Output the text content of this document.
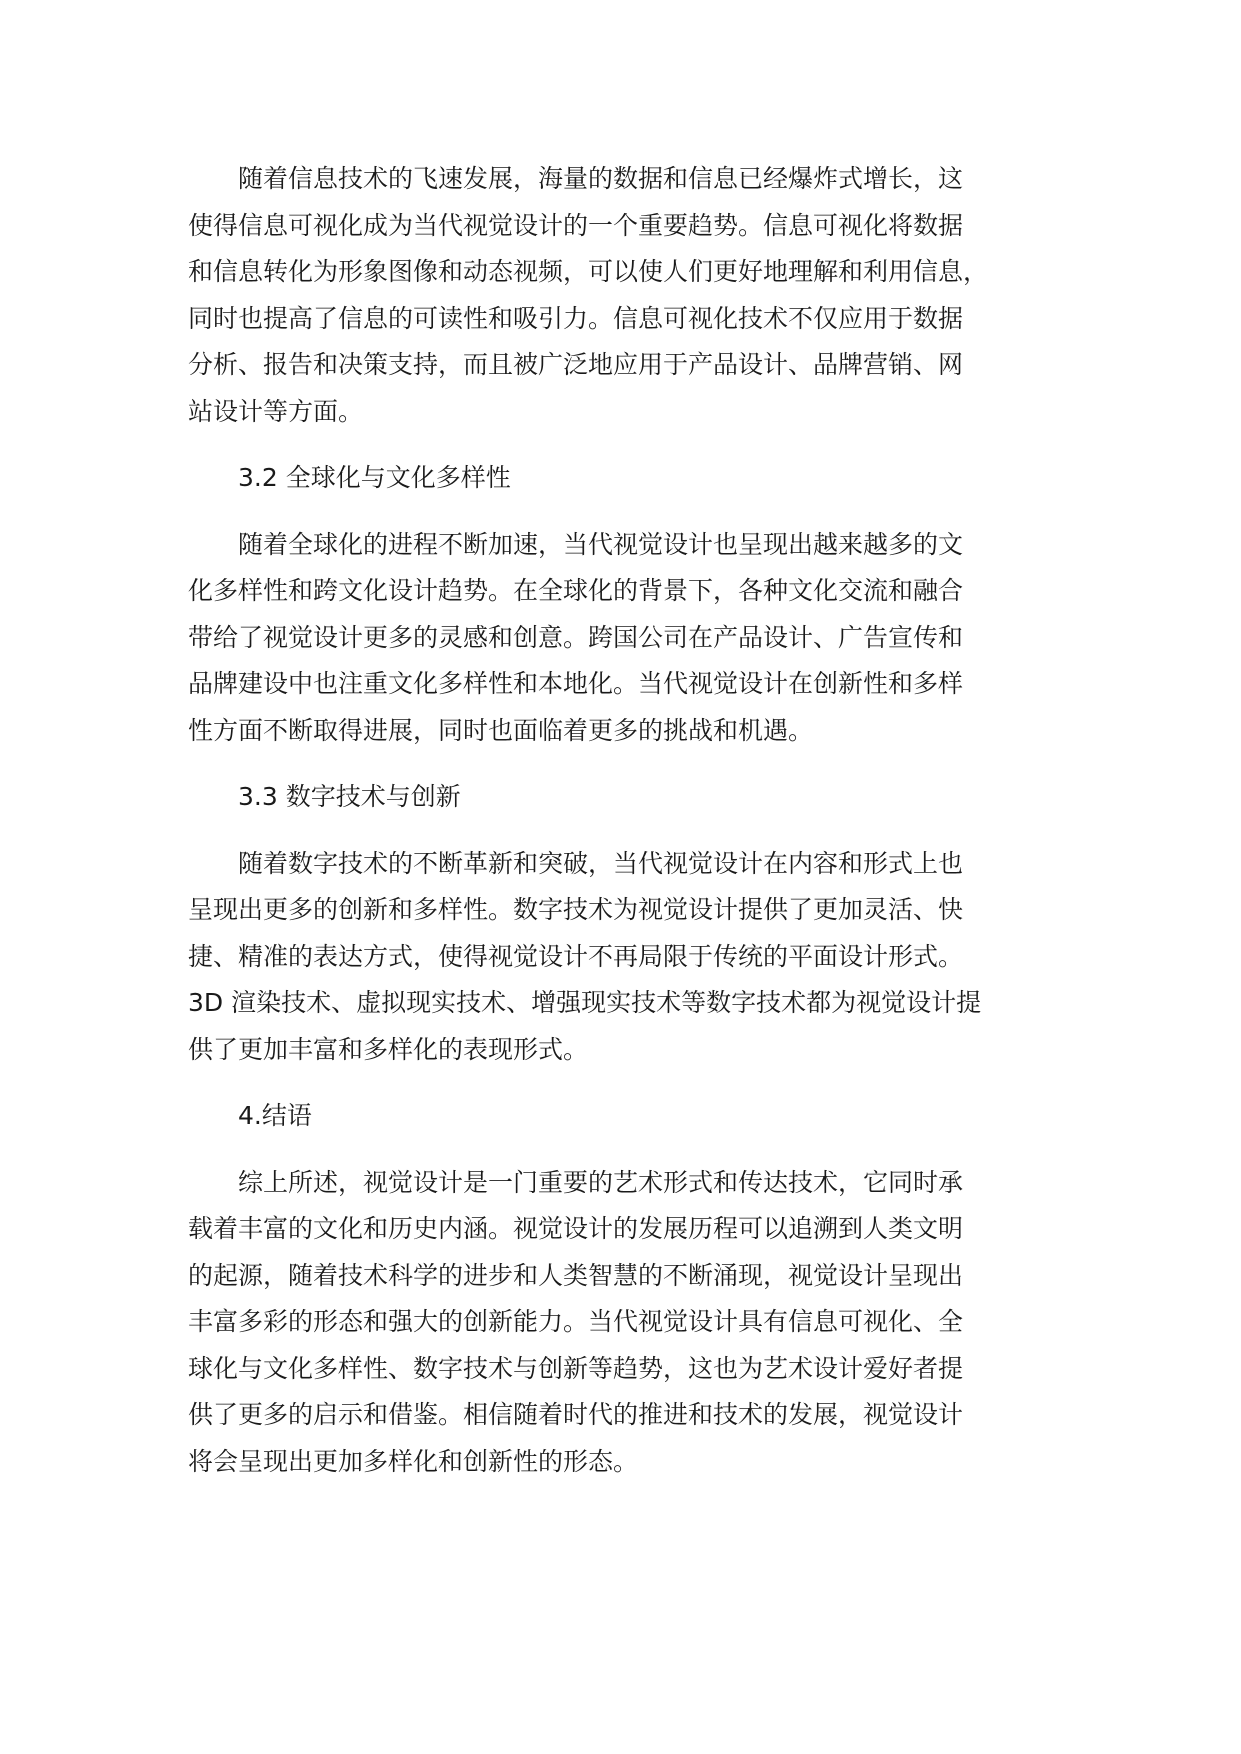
随着信息技术的飞速发展，海量的数据和信息已经爆炸式增长，这
使得信息可视化成为当代视觉设计的一个重要趋势。信息可视化将数据
和信息转化为形象图像和动态视频，可以使人们更好地理解和利用信息，
同时也提高了信息的可读性和吸引力。信息可视化技术不仅应用于数据
分析、报告和决策支持，而且被广泛地应用于产品设计、品牌营销、网
站设计等方面。

3.2 全球化与文化多样性

随着全球化的进程不断加速，当代视觉设计也呈现出越来越多的文
化多样性和跨文化设计趋势。在全球化的背景下，各种文化交流和融合
带给了视觉设计更多的灵感和创意。跨国公司在产品设计、广告宣传和
品牌建设中也注重文化多样性和本地化。当代视觉设计在创新性和多样
性方面不断取得进展，同时也面临着更多的挑战和机遇。

3.3 数字技术与创新

随着数字技术的不断革新和突破，当代视觉设计在内容和形式上也
呈现出更多的创新和多样性。数字技术为视觉设计提供了更加灵活、快
捷、精准的表达方式，使得视觉设计不再局限于传统的平面设计形式。
3D 渲染技术、虚拟现实技术、增强现实技术等数字技术都为视觉设计提
供了更加丰富和多样化的表现形式。

4.结语

综上所述，视觉设计是一门重要的艺术形式和传达技术，它同时承
载着丰富的文化和历史内涵。视觉设计的发展历程可以追溯到人类文明
的起源，随着技术科学的进步和人类智慧的不断涌现，视觉设计呈现出
丰富多彩的形态和强大的创新能力。当代视觉设计具有信息可视化、全
球化与文化多样性、数字技术与创新等趋势，这也为艺术设计爱好者提
供了更多的启示和借鉴。相信随着时代的推进和技术的发展，视觉设计
将会呈现出更加多样化和创新性的形态。
